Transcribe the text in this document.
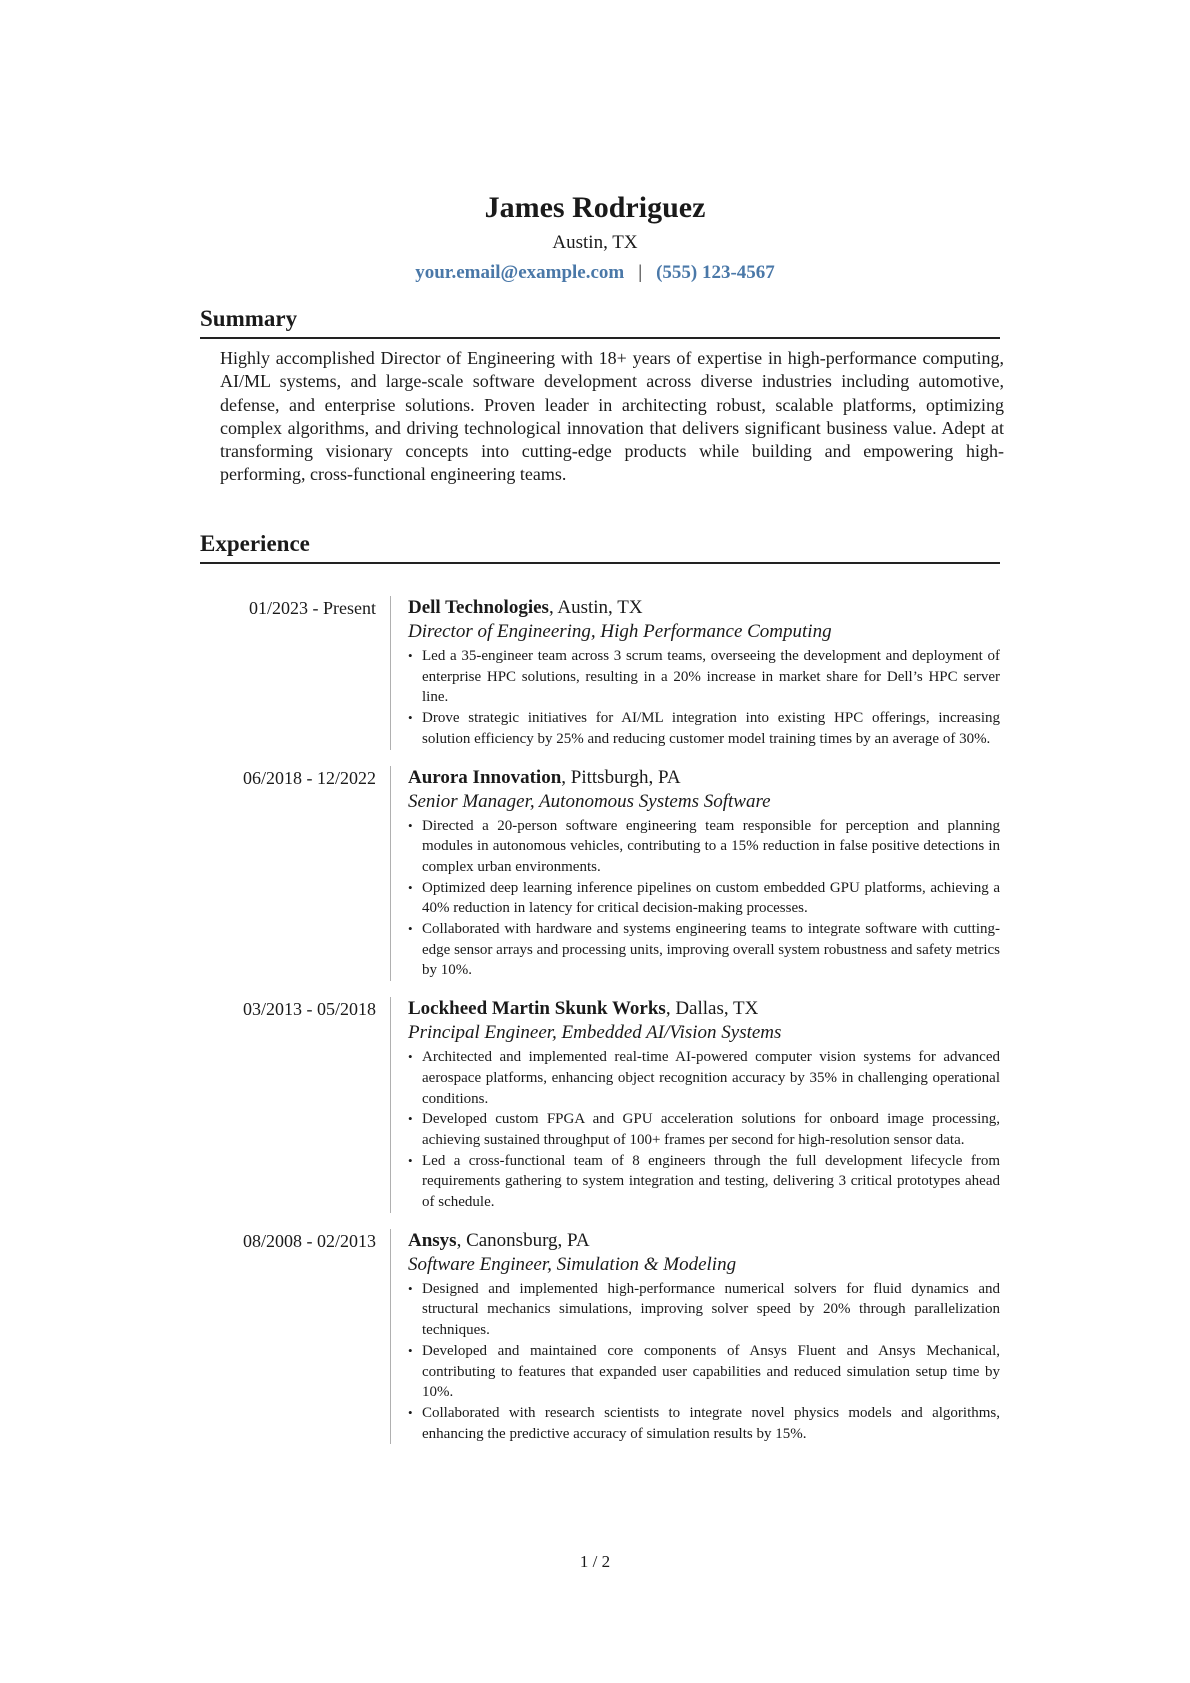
James Rodriguez
Austin, TX
your.email@example.com | (555) 123-4567
Summary
Highly accomplished Director of Engineering with 18+ years of expertise in high-performance computing, AI/ML systems, and large-scale software development across diverse industries including automotive, defense, and enterprise solutions. Proven leader in architecting robust, scalable platforms, optimizing complex algorithms, and driving technological innovation that delivers significant business value. Adept at transforming visionary concepts into cutting-edge products while building and empowering high-performing, cross-functional engineering teams.
Experience
01/2023 - Present Dell Technologies, Austin, TX
Director of Engineering, High Performance Computing
• Led a 35-engineer team across 3 scrum teams, overseeing the development and deployment of enterprise HPC solutions, resulting in a 20% increase in market share for Dell’s HPC server line.
• Drove strategic initiatives for AI/ML integration into existing HPC offerings, increasing solution efficiency by 25% and reducing customer model training times by an average of 30%.
06/2018 - 12/2022 Aurora Innovation, Pittsburgh, PA
Senior Manager, Autonomous Systems Software
• Directed a 20-person software engineering team responsible for perception and planning modules in autonomous vehicles, contributing to a 15% reduction in false positive detections in complex urban environments.
• Optimized deep learning inference pipelines on custom embedded GPU platforms, achieving a 40% reduction in latency for critical decision-making processes.
• Collaborated with hardware and systems engineering teams to integrate software with cutting-edge sensor arrays and processing units, improving overall system robustness and safety metrics by 10%.
03/2013 - 05/2018 Lockheed Martin Skunk Works, Dallas, TX
Principal Engineer, Embedded AI/Vision Systems
• Architected and implemented real-time AI-powered computer vision systems for advanced aerospace platforms, enhancing object recognition accuracy by 35% in challenging operational conditions.
• Developed custom FPGA and GPU acceleration solutions for onboard image processing, achieving sustained throughput of 100+ frames per second for high-resolution sensor data.
• Led a cross-functional team of 8 engineers through the full development lifecycle from requirements gathering to system integration and testing, delivering 3 critical prototypes ahead of schedule.
08/2008 - 02/2013 Ansys, Canonsburg, PA
Software Engineer, Simulation & Modeling
• Designed and implemented high-performance numerical solvers for fluid dynamics and structural mechanics simulations, improving solver speed by 20% through parallelization techniques.
• Developed and maintained core components of Ansys Fluent and Ansys Mechanical, contributing to features that expanded user capabilities and reduced simulation setup time by 10%.
• Collaborated with research scientists to integrate novel physics models and algorithms, enhancing the predictive accuracy of simulation results by 15%.
1 / 2
